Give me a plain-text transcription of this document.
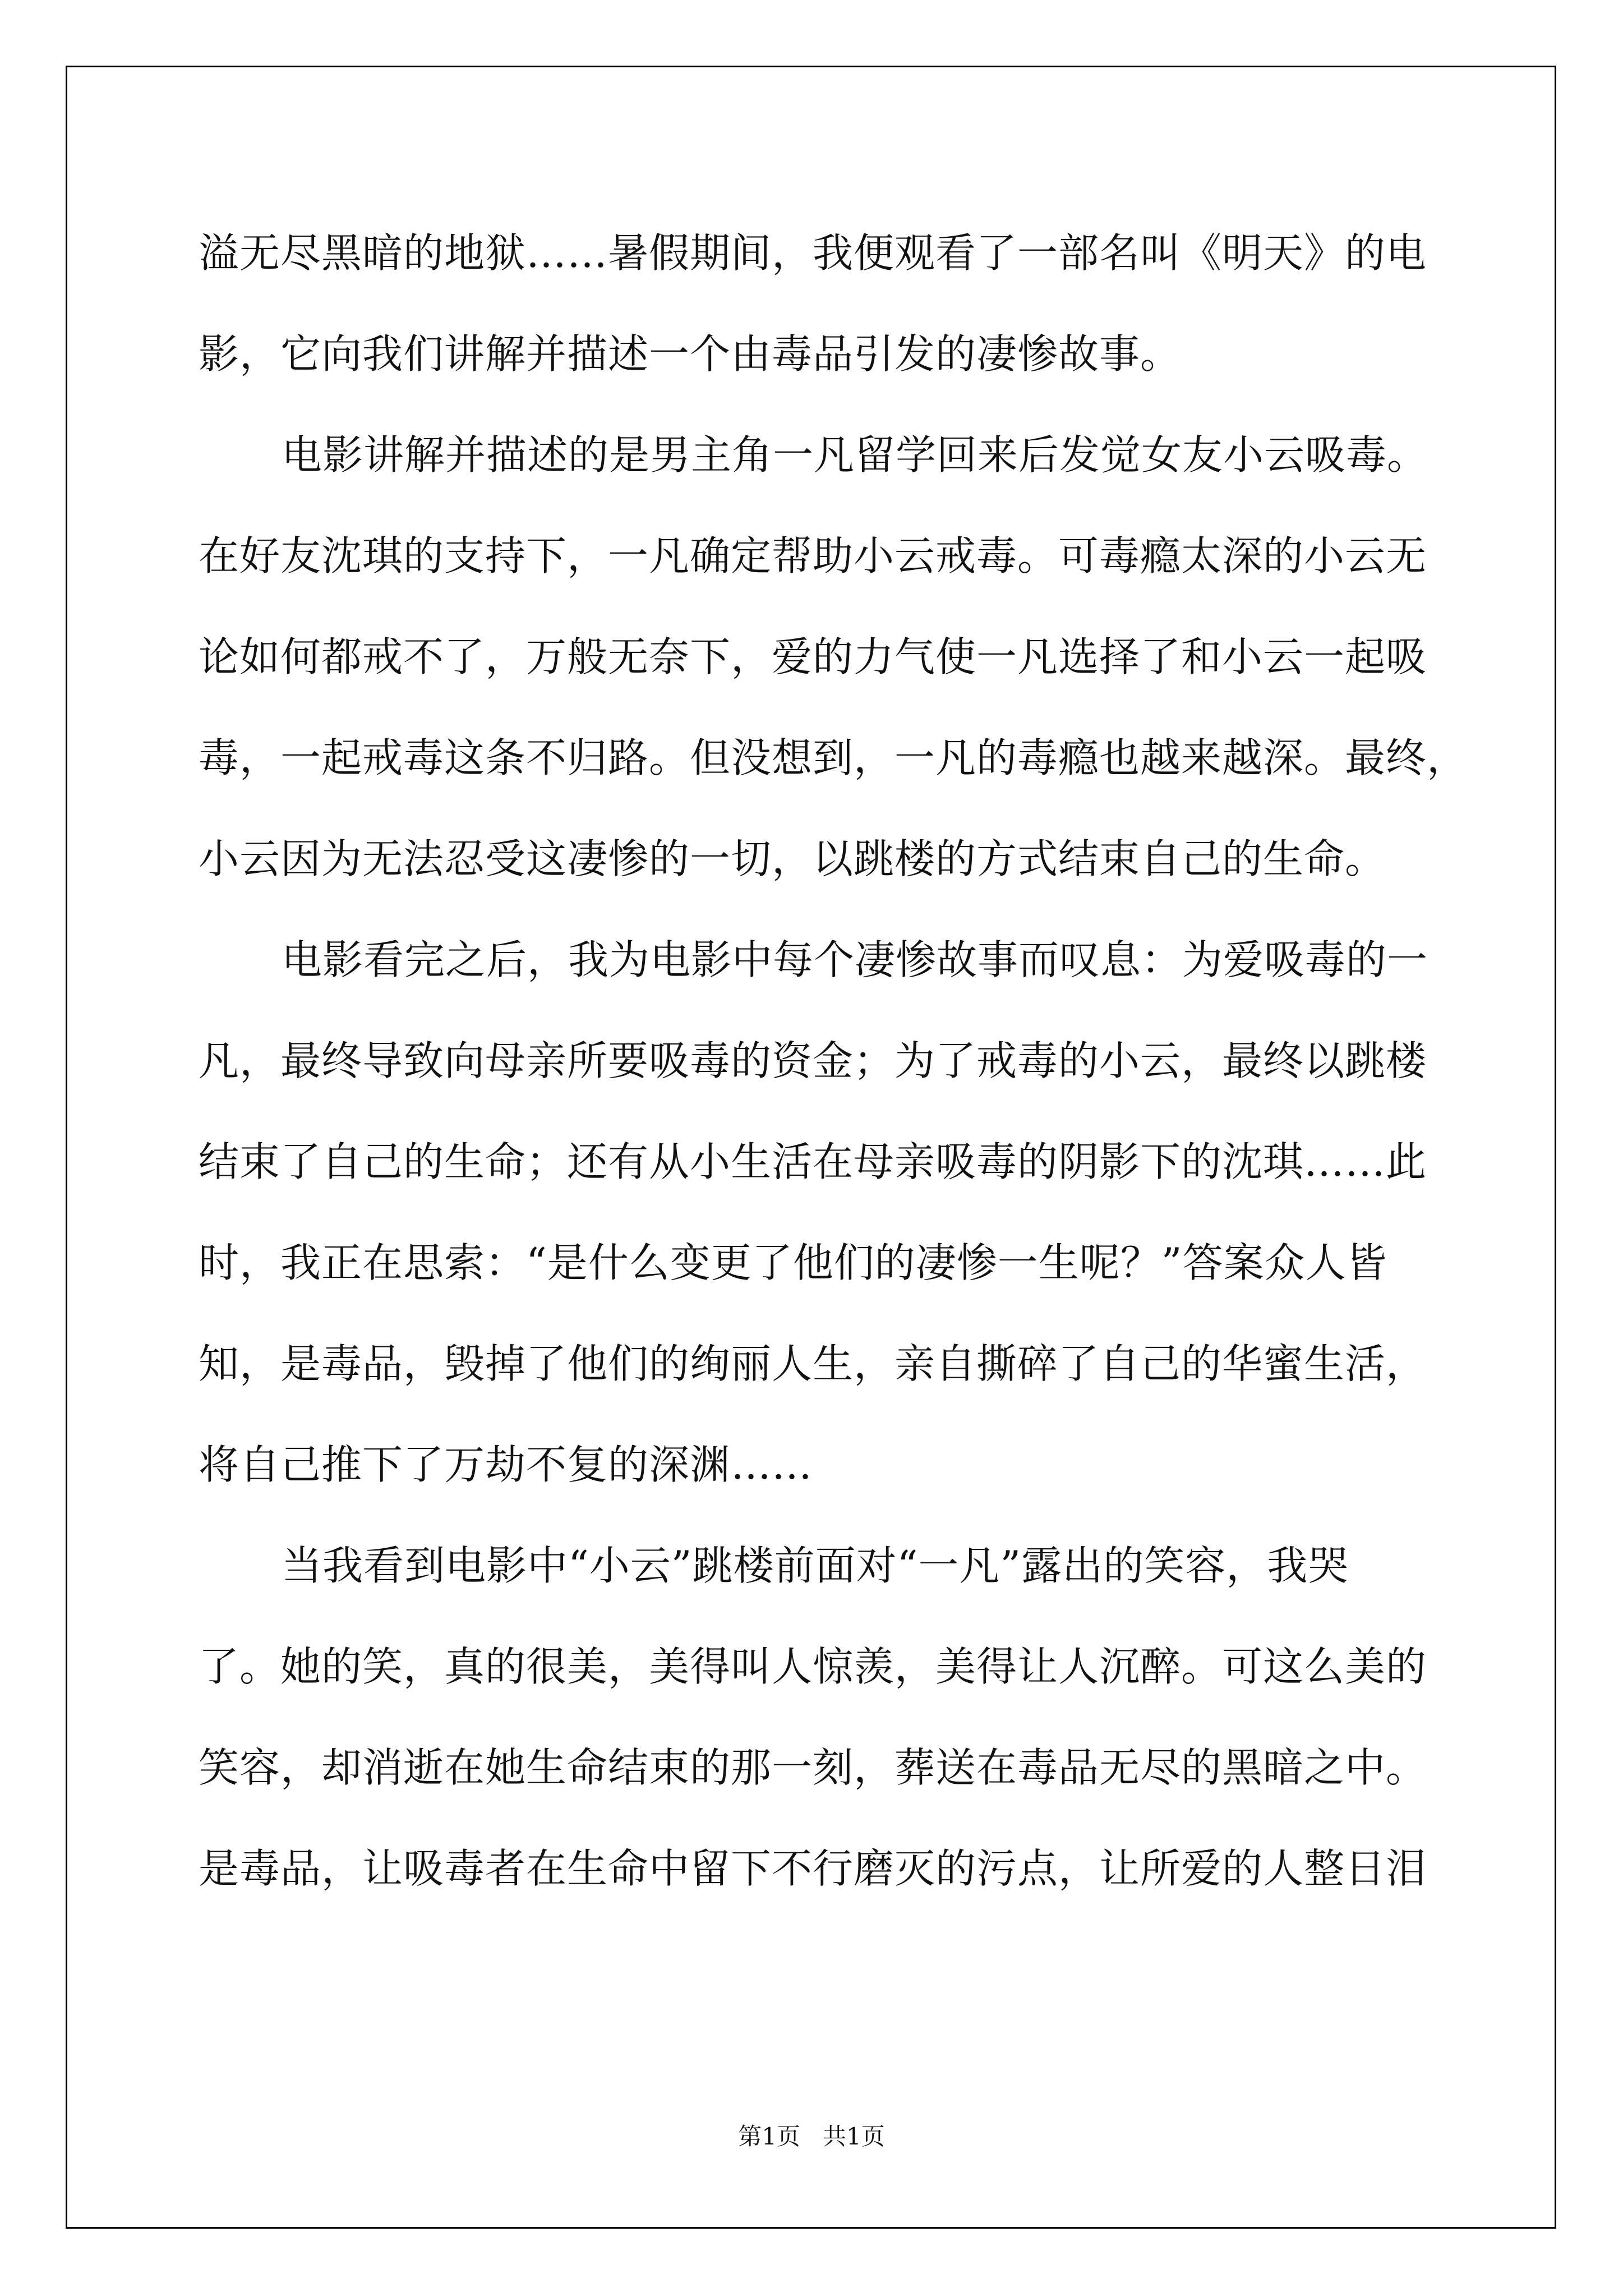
溢无尽黑暗的地狱……暑假期间，我便观看了一部名叫《明天》的电
影，它向我们讲解并描述一个由毒品引发的凄惨故事。
电影讲解并描述的是男主角一凡留学回来后发觉女友小云吸毒。
在好友沈琪的支持下，一凡确定帮助小云戒毒。可毒瘾太深的小云无
论如何都戒不了，万般无奈下，爱的力气使一凡选择了和小云一起吸
毒，一起戒毒这条不归路。但没想到，一凡的毒瘾也越来越深。最终，
小云因为无法忍受这凄惨的一切，以跳楼的方式结束自己的生命。
电影看完之后，我为电影中每个凄惨故事而叹息：为爱吸毒的一
凡，最终导致向母亲所要吸毒的资金；为了戒毒的小云，最终以跳楼
结束了自己的生命；还有从小生活在母亲吸毒的阴影下的沈琪……此
时，我正在思索：“是什么变更了他们的凄惨一生呢？”答案众人皆
知，是毒品，毁掉了他们的绚丽人生，亲自撕碎了自己的华蜜生活，
将自己推下了万劫不复的深渊……
当我看到电影中“小云”跳楼前面对“一凡”露出的笑容，我哭
了。她的笑，真的很美，美得叫人惊羡，美得让人沉醉。可这么美的
笑容，却消逝在她生命结束的那一刻，葬送在毒品无尽的黑暗之中。
是毒品，让吸毒者在生命中留下不行磨灭的污点，让所爱的人整日泪
第1页   共1页
